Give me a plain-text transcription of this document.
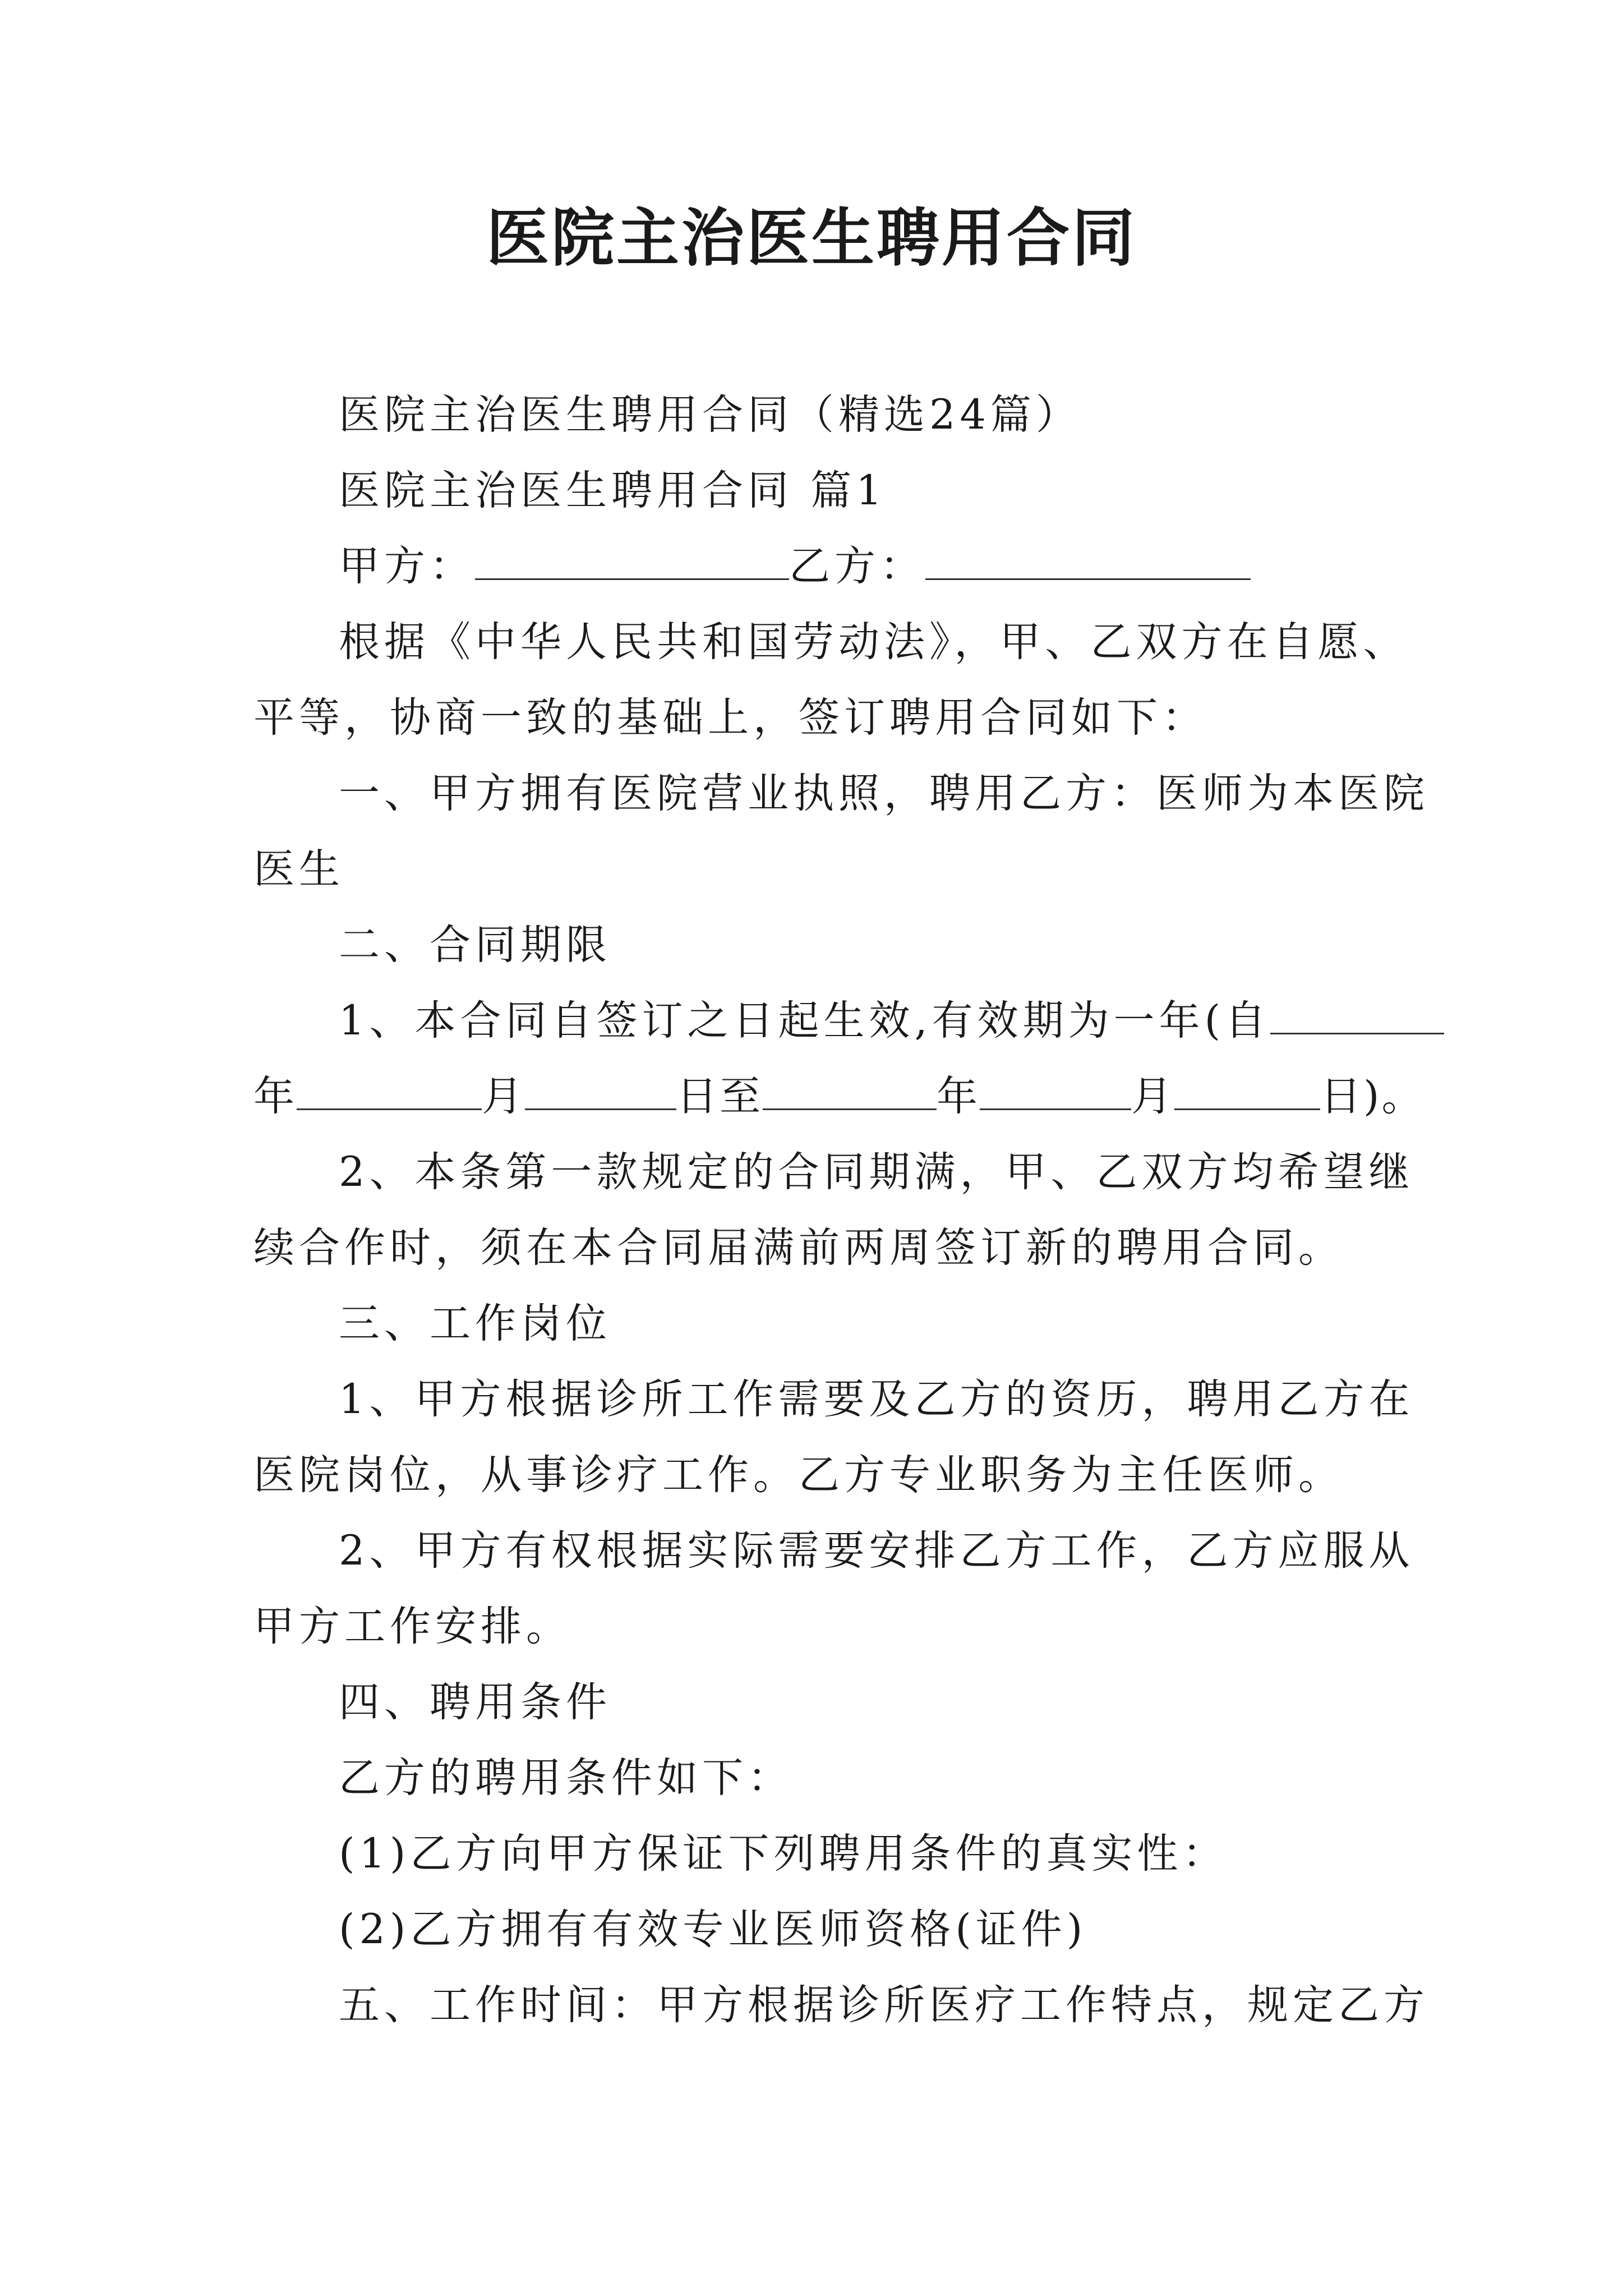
医院主治医生聘用合同
医院主治医生聘用合同（精选24篇）
医院主治医生聘用合同 篇1
甲方：	乙方：
根据《中华人民共和国劳动法》，甲、乙双方在自愿、
平等，协商一致的基础上，签订聘用合同如下：
一、甲方拥有医院营业执照，聘用乙方：医师为本医院
医生
二、合同期限
1、本合同自签订之日起生效,有效期为一年(自
年	月	日至	年	月	日)。
2、本条第一款规定的合同期满，甲、乙双方均希望继
续合作时，须在本合同届满前两周签订新的聘用合同。
三、工作岗位
1、甲方根据诊所工作需要及乙方的资历，聘用乙方在
医院岗位，从事诊疗工作。乙方专业职务为主任医师。
2、甲方有权根据实际需要安排乙方工作，乙方应服从
甲方工作安排。
四、聘用条件
乙方的聘用条件如下：
(1)乙方向甲方保证下列聘用条件的真实性：
(2)乙方拥有有效专业医师资格(证件)
五、工作时间：甲方根据诊所医疗工作特点，规定乙方
